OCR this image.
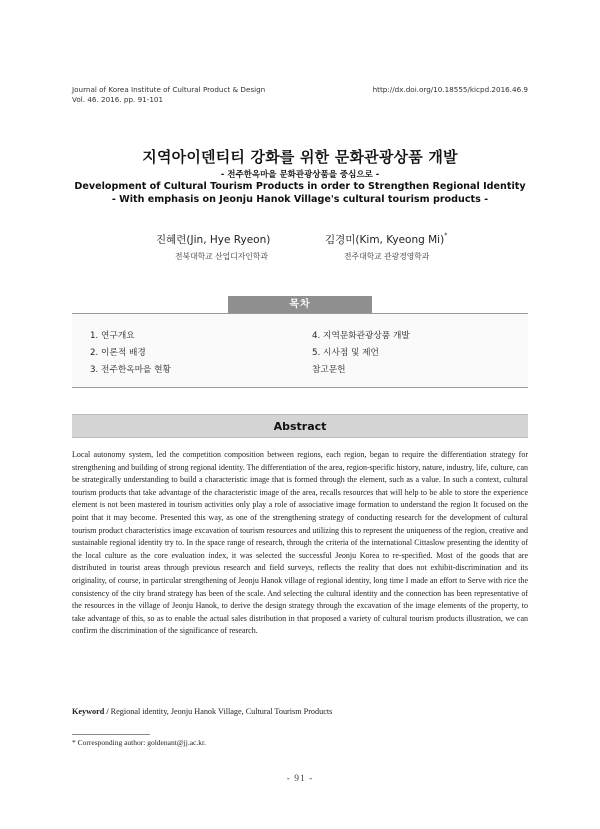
Journal of Korea Institute of Cultural Product & Design
Vol. 46. 2016. pp. 91-101
http://dx.doi.org/10.18555/kicpd.2016.46.9
지역아이덴티티 강화를 위한 문화관광상품 개발
- 전주한옥마을 문화관광상품을 중심으로 -
Development of Cultural Tourism Products in order to Strengthen Regional Identity
- With emphasis on Jeonju Hanok Village's cultural tourism products -
진혜련(Jin, Hye Ryeon)	김경미(Kim, Kyeong Mi)*
전북대학교 산업디자인학과	전주대학교 관광경영학과
목차
1. 연구개요
2. 이론적 배경
3. 전주한옥마을 현황
4. 지역문화관광상품 개발
5. 시사점 및 제언
참고문헌
Abstract
Local autonomy system, led the competition composition between regions, each region, began to require the differentiation strategy for strengthening and building of strong regional identity. The differentiation of the area, region-specific history, nature, industry, life, culture, can be strategically understanding to build a characteristic image that is formed through the element, such as a value. In such a context, cultural tourism products that take advantage of the characteristic image of the area, recalls resources that will help to be able to store the experience element is not been mastered in tourism activities only play a role of associative image formation to understand the region It focused on the point that it may become. Presented this way, as one of the strengthening strategy of conducting research for the development of cultural tourism product characteristics image excavation of tourism resources and utilizing this to represent the uniqueness of the region, creative and sustainable regional identity try to. In the space range of research, through the criteria of the international Cittaslow presenting the identity of the local culture as the core evaluation index, it was selected the successful Jeonju Korea to re-specified. Most of the goods that are distributed in tourist areas through previous research and field surveys, reflects the reality that does not exhibit-discrimination and its originality, of course, in particular strengthening of Jeonju Hanok village of regional identity, long time I made an effort to Serve with rice the consistency of the city brand strategy has been of the scale. And selecting the cultural identity and the connection has been representative of the resources in the village of Jeonju Hanok, to derive the design strategy through the excavation of the image elements of the property, to take advantage of this, so as to enable the actual sales distribution in that proposed a variety of cultural tourism products illustration, we can confirm the discrimination of the significance of research.
Keyword / Regional identity, Jeonju Hanok Village, Cultural Tourism Products
* Corresponding author: goldenant@jj.ac.kr.
- 91 -
